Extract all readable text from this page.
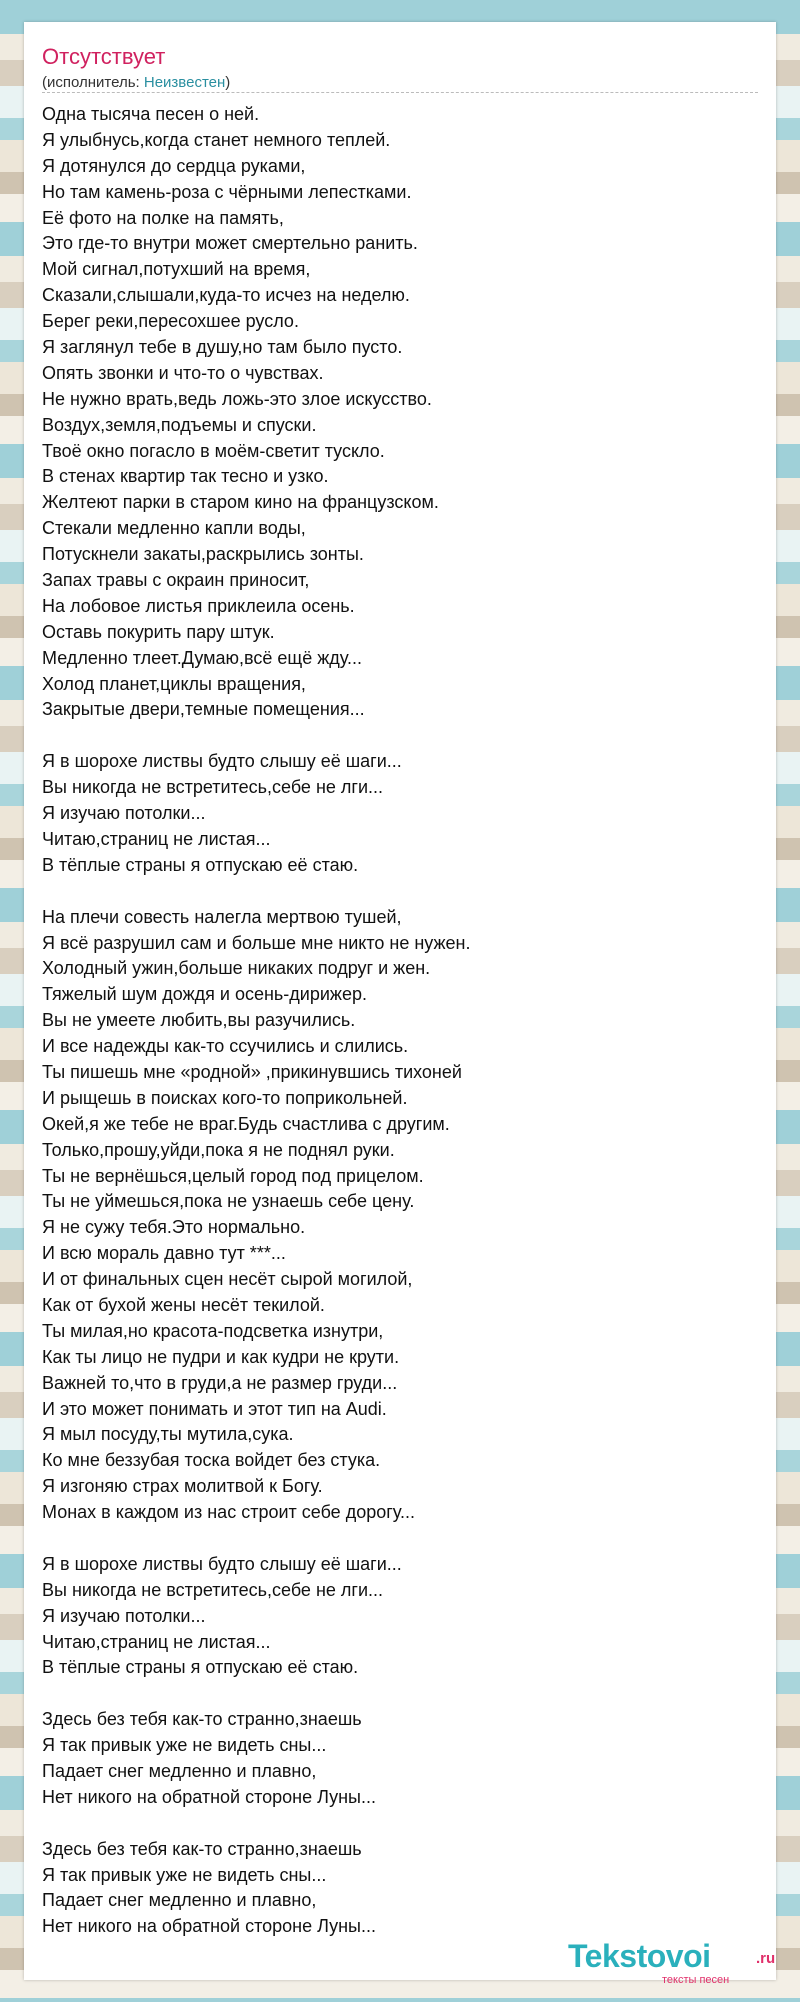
Отсутствует
(исполнитель: Неизвестен)
Одна тысяча песен о ней.
Я улыбнусь,когда станет немного теплей.
Я дотянулся до сердца руками,
Но там камень-роза с чёрными лепестками.
Её фото на полке на память,
Это где-то внутри может смертельно ранить.
Мой сигнал,потухший на время,
Сказали,слышали,куда-то исчез на неделю.
Берег реки,пересохшее русло.
Я заглянул тебе в душу,но там было пусто.
Опять звонки и что-то о чувствах.
Не нужно врать,ведь ложь-это злое искусство.
Воздух,земля,подъемы и спуски.
Твоё окно погасло в моём-светит тускло.
В стенах квартир так тесно и узко.
Желтеют парки в старом кино на французском.
Стекали медленно капли воды,
Потускнели закаты,раскрылись зонты.
Запах травы с окраин приносит,
На лобовое листья приклеила осень.
Оставь покурить пару штук.
Медленно тлеет.Думаю,всё ещё жду...
Холод планет,циклы вращения,
Закрытые двери,темные помещения...
Я в шорохе листвы будто слышу её шаги...
Вы никогда не встретитесь,себе не лги...
Я изучаю потолки...
Читаю,страниц не листая...
В тёплые страны я отпускаю её стаю.
На плечи совесть налегла мертвою тушей,
Я всё разрушил сам и больше мне никто не нужен.
Холодный ужин,больше никаких подруг и жен.
Тяжелый шум дождя и осень-дирижер.
Вы не умеете любить,вы разучились.
И все надежды как-то ссучились и слились.
Ты пишешь мне «родной» ,прикинувшись тихоней
И рыщешь в поисках кого-то поприкольней.
Окей,я же тебе не враг.Будь счастлива с другим.
Только,прошу,уйди,пока я не поднял руки.
Ты не вернёшься,целый город под прицелом.
Ты не уймешься,пока не узнаешь себе цену.
Я не сужу тебя.Это нормально.
И всю мораль давно тут ***...
И от финальных сцен несёт сырой могилой,
Как от бухой жены несёт текилой.
Ты милая,но красота-подсветка изнутри,
Как ты лицо не пудри и как кудри не крути.
Важней то,что в груди,а не размер груди...
И это может понимать и этот тип на Audi.
Я мыл посуду,ты мутила,сука.
Ко мне беззубая тоска войдет без стука.
Я изгоняю страх молитвой к Богу.
Монах в каждом из нас строит себе дорогу...
Я в шорохе листвы будто слышу её шаги...
Вы никогда не встретитесь,себе не лги...
Я изучаю потолки...
Читаю,страниц не листая...
В тёплые страны я отпускаю её стаю.
Здесь без тебя как-то странно,знаешь
Я так привык уже не видеть сны...
Падает снег медленно и плавно,
Нет никого на обратной стороне Луны...
Здесь без тебя как-то странно,знаешь
Я так привык уже не видеть сны...
Падает снег медленно и плавно,
Нет никого на обратной стороне Луны...
Tekstovoi	.ru
тексты песен
